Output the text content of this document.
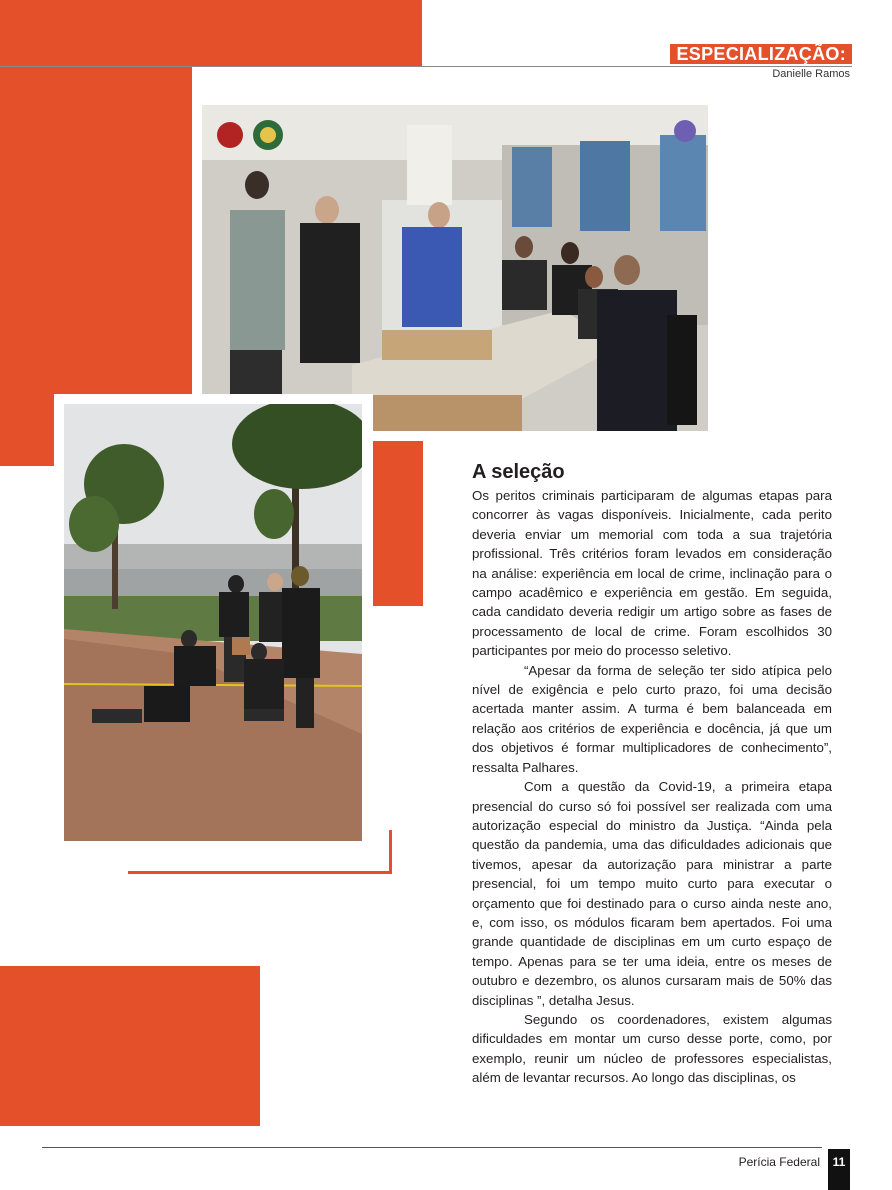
ESPECIALIZAÇÃO:
Danielle Ramos
A seleção

Os peritos criminais participaram de algumas etapas para concorrer às vagas disponíveis. Inicialmente, cada perito deveria enviar um memorial com toda a sua trajetória profissional. Três critérios foram levados em consideração na análise: experiência em local de crime, inclinação para o campo acadêmico e experiência em gestão. Em seguida, cada candidato deveria redigir um artigo sobre as fases de processamento de local de crime. Foram escolhidos 30 participantes por meio do processo seletivo.

“Apesar da forma de seleção ter sido atípica pelo nível de exigência e pelo curto prazo, foi uma decisão acertada manter assim. A turma é bem balanceada em relação aos critérios de experiência e docência, já que um dos objetivos é formar multiplicadores de conhecimento”, ressalta Palhares.

Com a questão da Covid-19, a primeira etapa presencial do curso só foi possível ser realizada com uma autorização especial do ministro da Justiça. “Ainda pela questão da pandemia, uma das dificuldades adicionais que tivemos, apesar da autorização para ministrar a parte presencial, foi um tempo muito curto para executar o orçamento que foi destinado para o curso ainda neste ano, e, com isso, os módulos ficaram bem apertados. Foi uma grande quantidade de disciplinas em um curto espaço de tempo. Apenas para se ter uma ideia, entre os meses de outubro e dezembro, os alunos cursaram mais de 50% das disciplinas ”, detalha Jesus.

Segundo os coordenadores, existem algumas dificuldades em montar um curso desse porte, como, por exemplo, reunir um núcleo de professores especialistas, além de levantar recursos. Ao longo das disciplinas, os

Perícia Federal	11
